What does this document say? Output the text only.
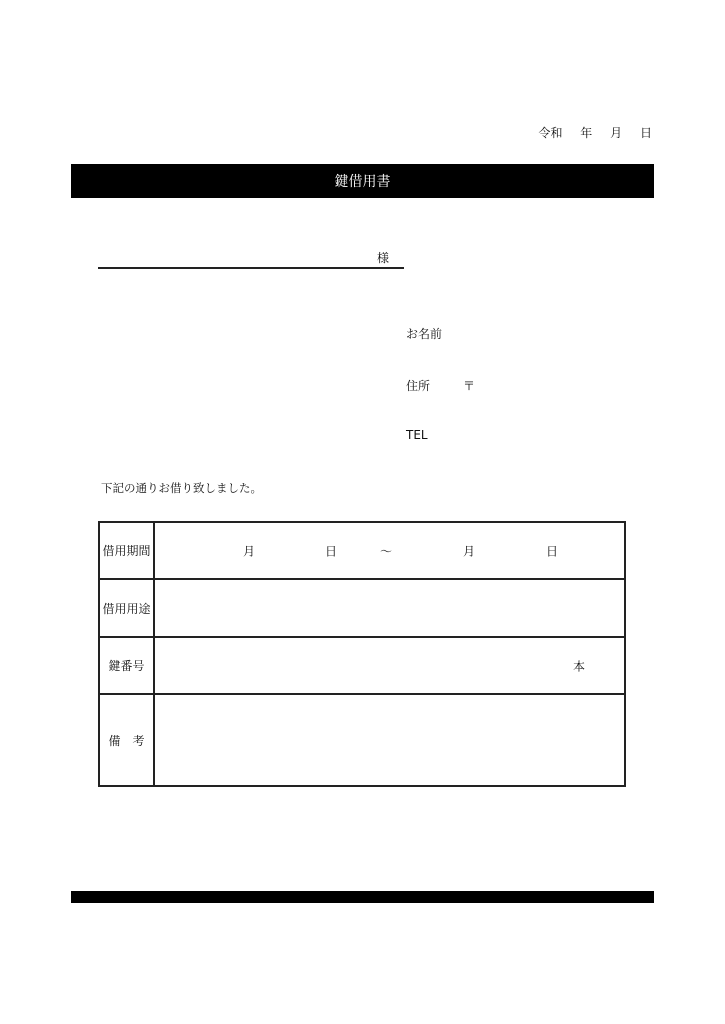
令和 年 月 日
鍵借用書
様
お名前
住所	〒
TEL
下記の通りお借り致しました。
借用期間	月 日 ～ 月 日

借用用途	
鍵番号	本

備　考	
